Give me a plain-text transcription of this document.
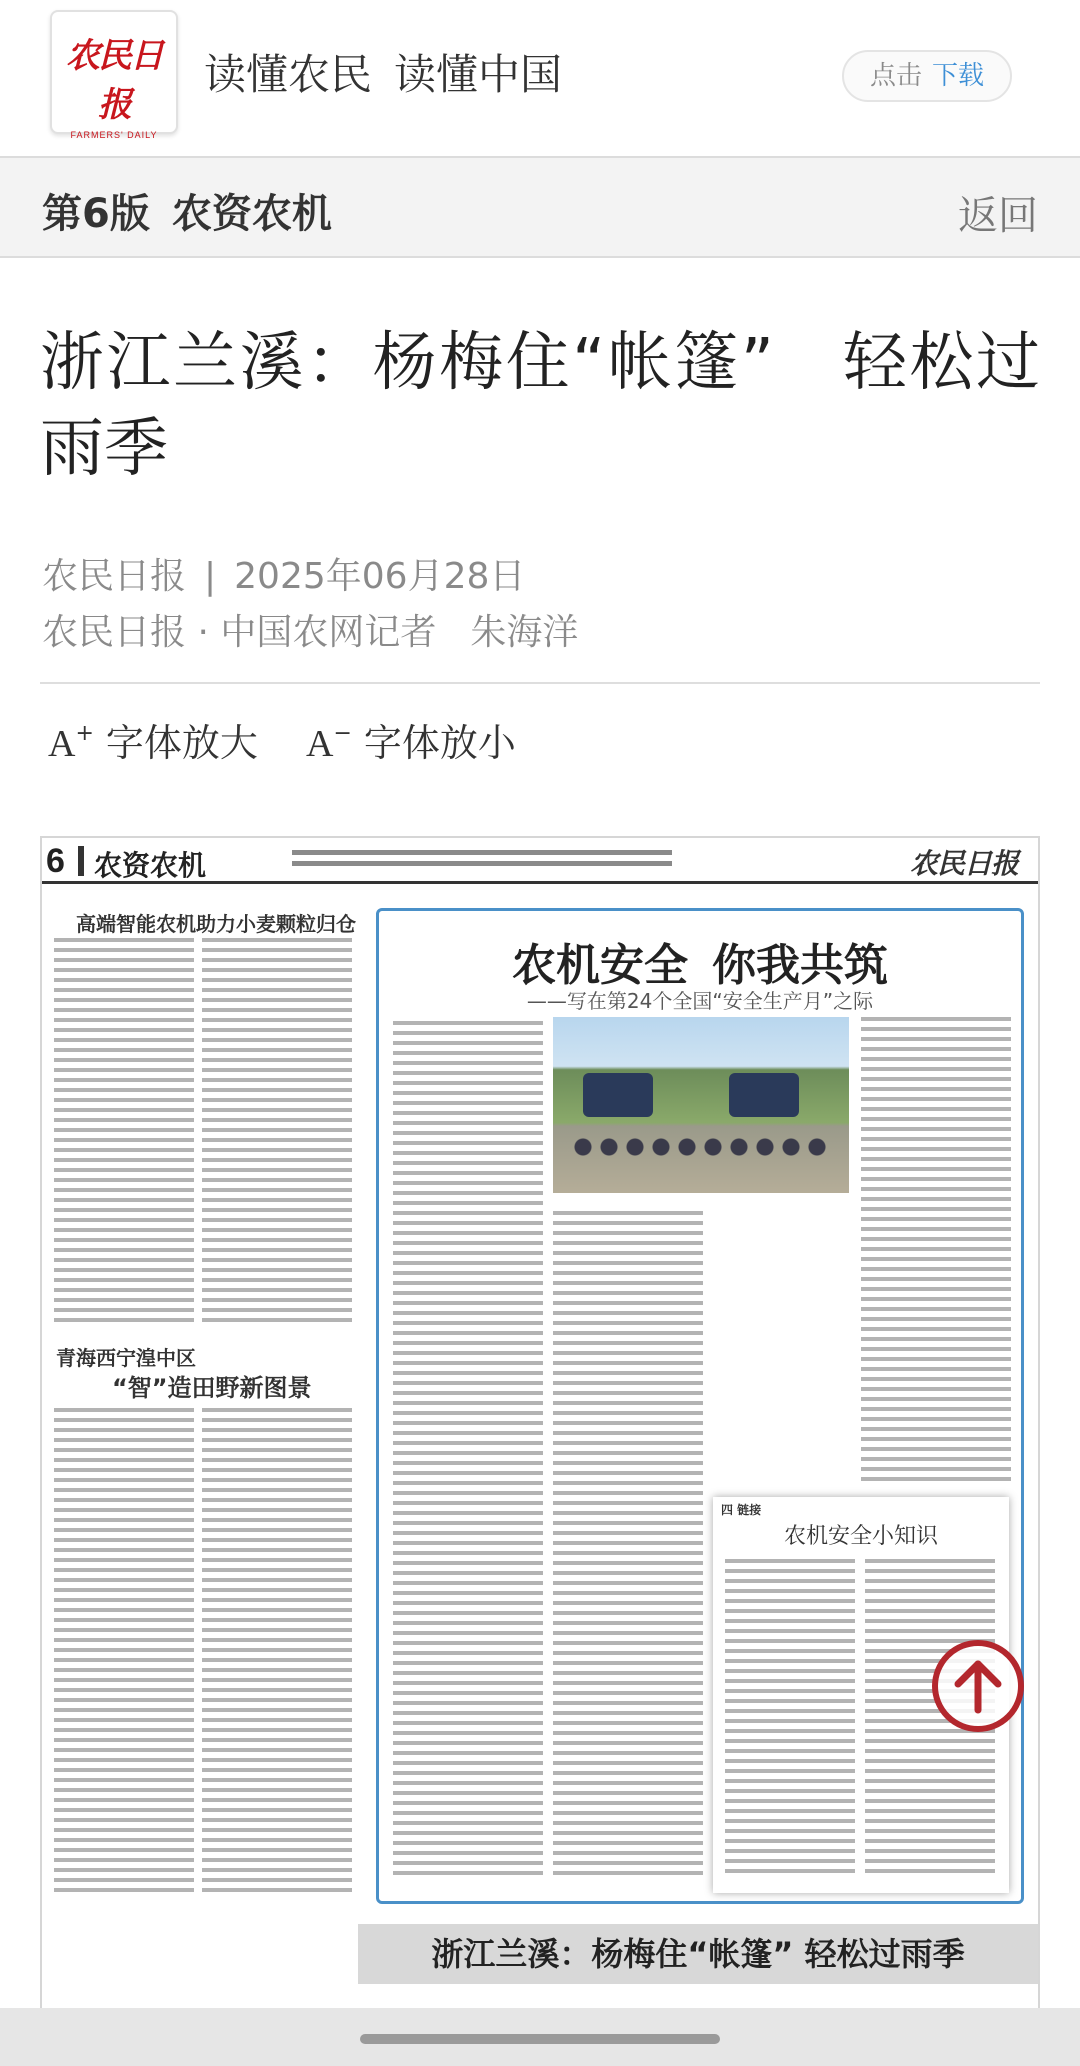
农民日报
FARMERS' DAILY
读懂农民 读懂中国	点击 下载
第6版 农资农机	返回
浙江兰溪：杨梅住“帐篷”　轻松过雨季
农民日报 | 2025年06月28日
农民日报 · 中国农网记者 朱海洋
A+ 字体放大 A− 字体放小
6 农资农机	农民日报
高端智能农机助力小麦颗粒归仓
青海西宁湟中区
“智”造田野新图景
农机安全 你我共筑
——写在第24个全国“安全生产月”之际
四 链接
农机安全小知识
浙江兰溪：杨梅住“帐篷” 轻松过雨季
